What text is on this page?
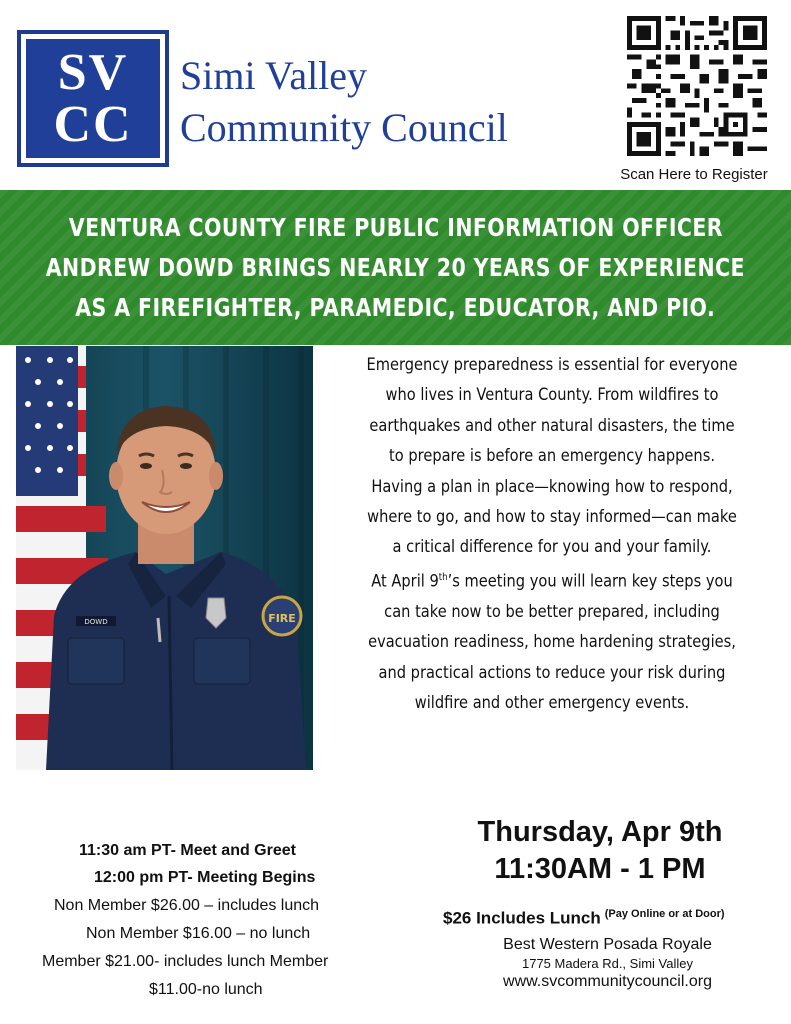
SV
CC
Simi Valley
Community Council
Scan Here to Register
VENTURA COUNTY FIRE PUBLIC INFORMATION OFFICER
ANDREW DOWD BRINGS NEARLY 20 YEARS OF EXPERIENCE
AS A FIREFIGHTER, PARAMEDIC, EDUCATOR, AND PIO.
DOWD	FIRE
Emergency preparedness is essential for everyone
who lives in Ventura County. From wildfires to
earthquakes and other natural disasters, the time
to prepare is before an emergency happens.
Having a plan in place—knowing how to respond,
where to go, and how to stay informed—can make
a critical difference for you and your family.
At April 9th’s meeting you will learn key steps you
can take now to be better prepared, including
evacuation readiness, home hardening strategies,
and practical actions to reduce your risk during
wildfire and other emergency events.
11:30 am PT- Meet and Greet
12:00 pm PT- Meeting Begins
Non Member $26.00 – includes lunch
Non Member $16.00 – no lunch
Member $21.00- includes lunch Member
$11.00-no lunch
Thursday, Apr 9th
11:30AM - 1 PM
$26 Includes Lunch $^{(Pay Online or at Door)}$
Best Western Posada Royale
1775 Madera Rd., Simi Valley
www.svcommunitycouncil.org
